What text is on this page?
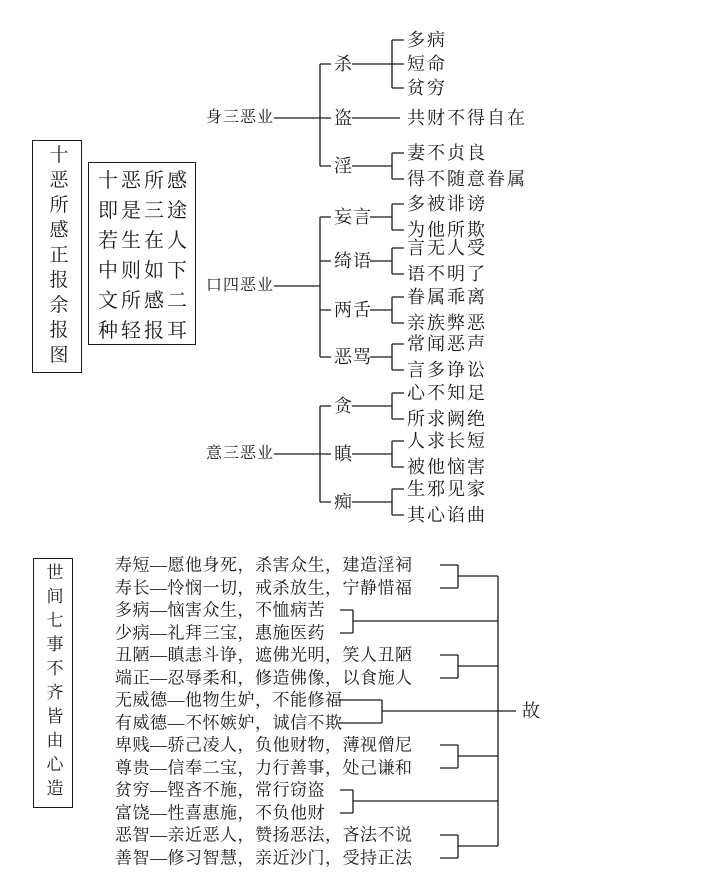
十恶所感正报余报图 十恶所感
即是三途
若生在人
中则如下
文所感二
种轻报耳
身三恶业
口四恶业
意三恶业
杀
盗
淫
妄言
绮语
两舌
恶骂
贪
瞋
痴
多病
短命
贫穷
共财不得自在
妻不贞良
得不随意眷属
多被诽谤
为他所欺
言无人受
语不明了
眷属乖离
亲族弊恶
常闻恶声
言多诤讼
心不知足
所求阙绝
人求长短
被他恼害
生邪见家
其心谄曲
世间七事不齐皆由心造	寿短—愿他身死，杀害众生，建造淫祠
寿长—怜悯一切，戒杀放生，宁静惜福
多病—恼害众生，不恤病苦
少病—礼拜三宝，惠施医药
丑陋—瞋恚斗诤，遮佛光明，笑人丑陋
端正—忍辱柔和，修造佛像，以食施人
无威德—他物生妒，不能修福
有威德—不怀嫉妒，诚信不欺
卑贱—骄己凌人，负他财物，薄视僧尼
尊贵—信奉二宝，力行善事，处己谦和
贫穷—铿吝不施，常行窃盗
富饶—性喜惠施，不负他财
恶智—亲近恶人，赞扬恶法，吝法不说
善智—修习智慧，亲近沙门，受持正法
故
